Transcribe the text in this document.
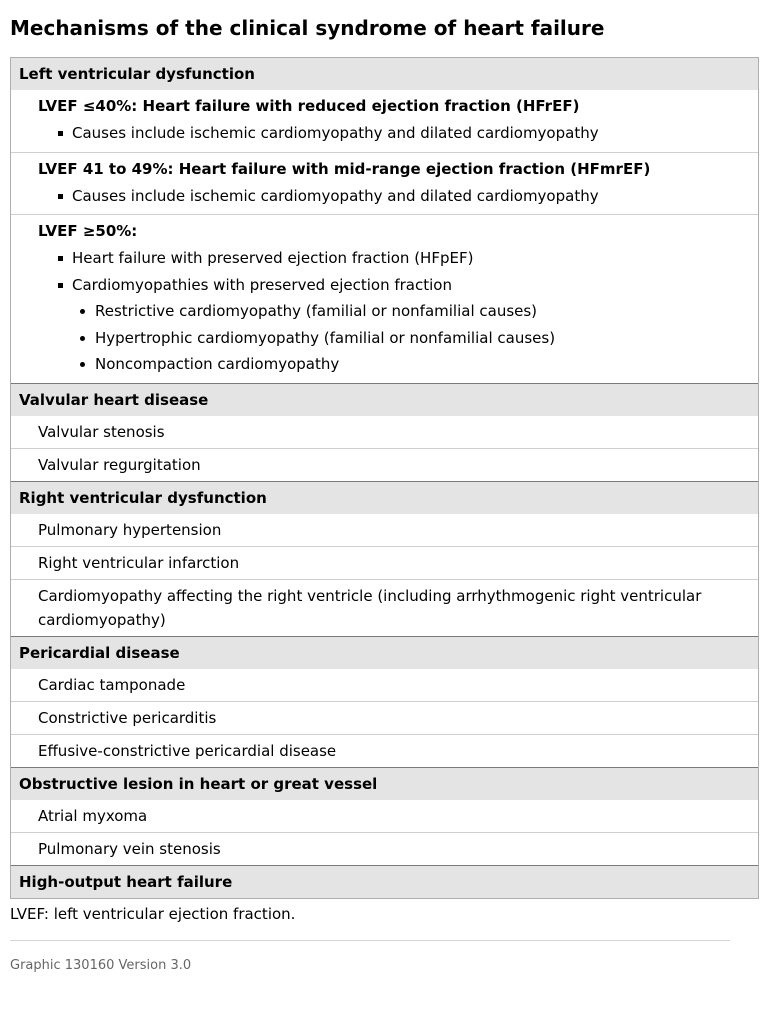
Mechanisms of the clinical syndrome of heart failure
Left ventricular dysfunction
LVEF ≤40%: Heart failure with reduced ejection fraction (HFrEF)
Causes include ischemic cardiomyopathy and dilated cardiomyopathy
LVEF 41 to 49%: Heart failure with mid-range ejection fraction (HFmrEF)
Causes include ischemic cardiomyopathy and dilated cardiomyopathy
LVEF ≥50%:
Heart failure with preserved ejection fraction (HFpEF)
Cardiomyopathies with preserved ejection fraction
Restrictive cardiomyopathy (familial or nonfamilial causes)
Hypertrophic cardiomyopathy (familial or nonfamilial causes)
Noncompaction cardiomyopathy
Valvular heart disease
Valvular stenosis
Valvular regurgitation
Right ventricular dysfunction
Pulmonary hypertension
Right ventricular infarction
Cardiomyopathy affecting the right ventricle (including arrhythmogenic right ventricular cardiomyopathy)
Pericardial disease
Cardiac tamponade
Constrictive pericarditis
Effusive-constrictive pericardial disease
Obstructive lesion in heart or great vessel
Atrial myxoma
Pulmonary vein stenosis
High-output heart failure
LVEF: left ventricular ejection fraction.
Graphic 130160 Version 3.0
